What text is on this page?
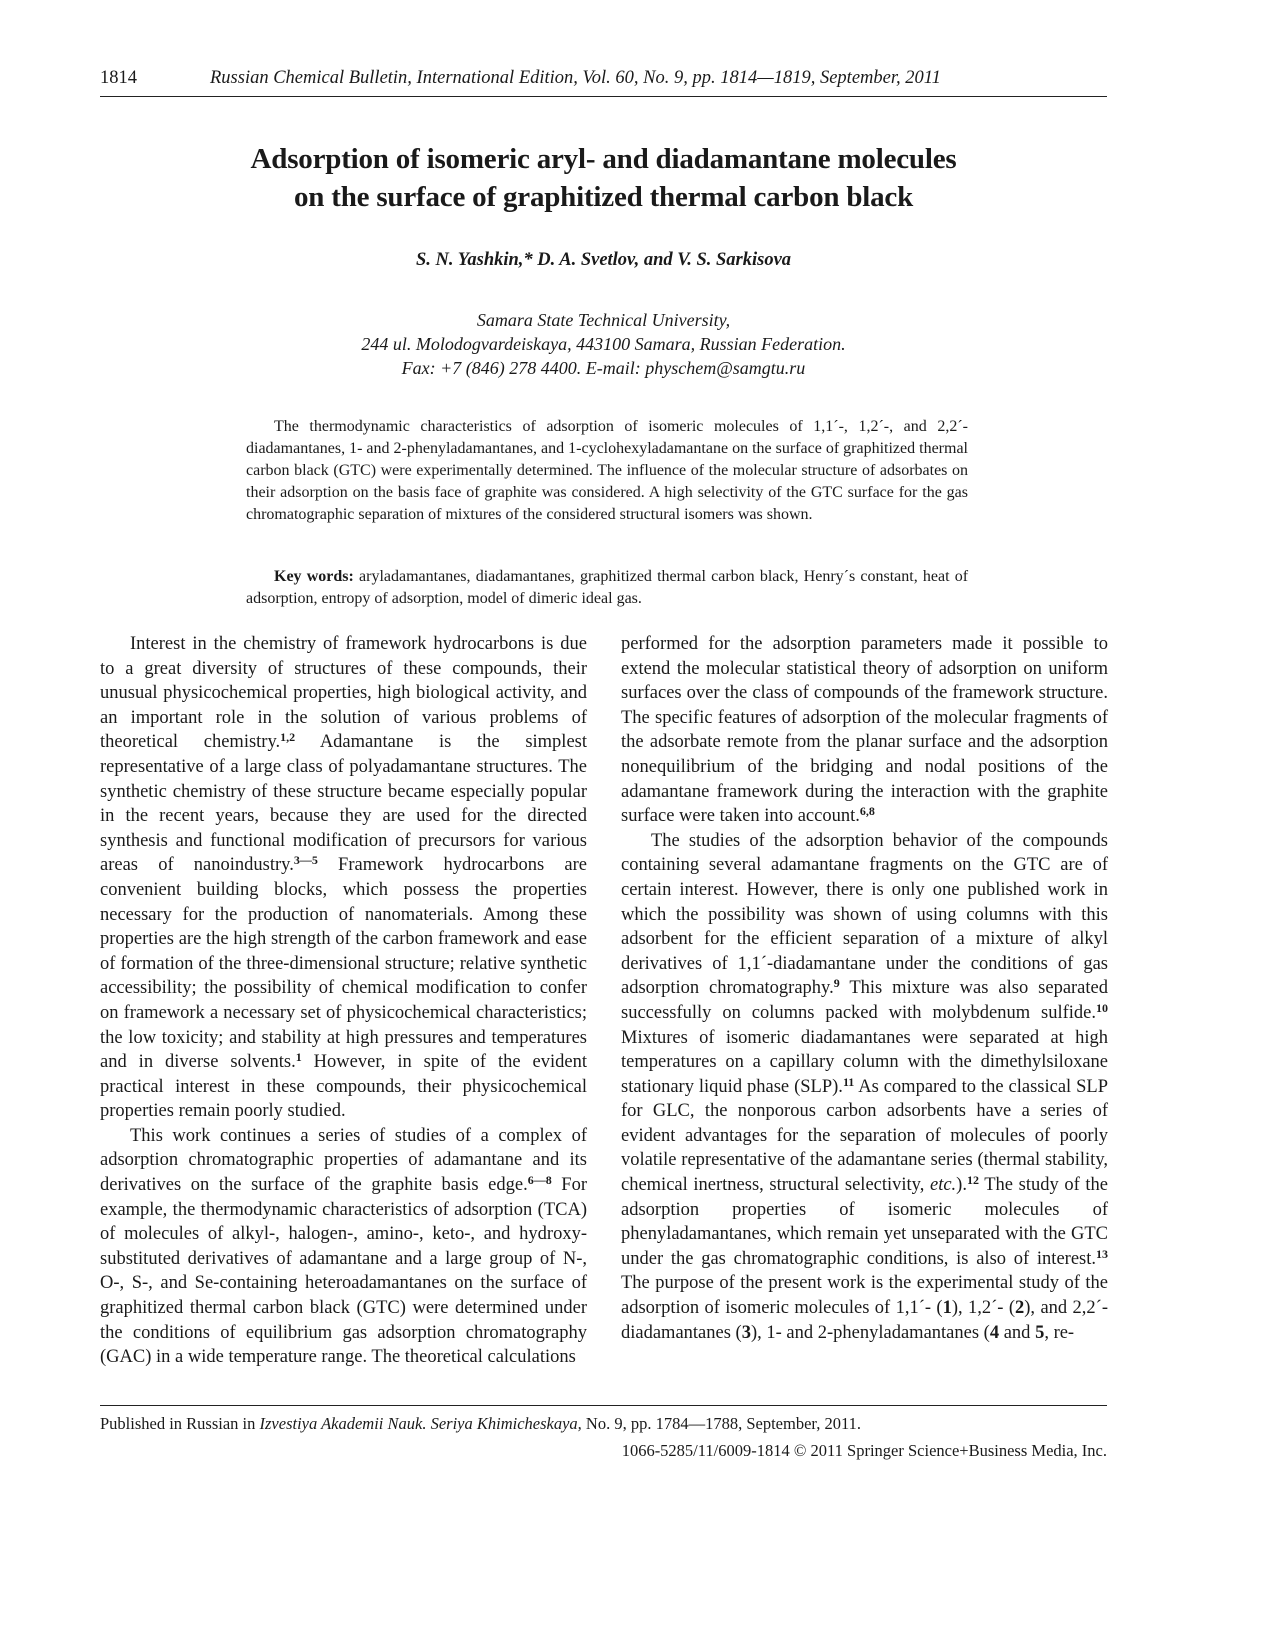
1814	Russian Chemical Bulletin, International Edition, Vol. 60, No. 9, pp. 1814—1819, September, 2011
Adsorption of isomeric aryl- and diadamantane molecules
on the surface of graphitized thermal carbon black
S. N. Yashkin,* D. A. Svetlov, and V. S. Sarkisova
Samara State Technical University,
244 ul. Molodogvardeiskaya, 443100 Samara, Russian Federation.
Fax: +7 (846) 278 4400. E-mail: physchem@samgtu.ru
The thermodynamic characteristics of adsorption of isomeric molecules of 1,1´-, 1,2´-, and 2,2´-diadamantanes, 1- and 2-phenyladamantanes, and 1-cyclohexyladamantane on the surface of graphitized thermal carbon black (GTC) were experimentally determined. The influence of the molecular structure of adsorbates on their adsorption on the basis face of graphite was considered. A high selectivity of the GTC surface for the gas chromatographic separation of mixtures of the considered structural isomers was shown.
Key words: aryladamantanes, diadamantanes, graphitized thermal carbon black, Henry´s constant, heat of adsorption, entropy of adsorption, model of dimeric ideal gas.

Interest in the chemistry of framework hydrocarbons is due to a great diversity of structures of these compounds, their unusual physicochemical properties, high biological activity, and an important role in the solution of various problems of theoretical chemistry.$^{1,2}$ Adamantane is the simplest representative of a large class of polyadamantane structures. The synthetic chemistry of these structure became especially popular in the recent years, because they are used for the directed synthesis and functional modification of precursors for various areas of nanoindustry.$^{3—5}$ Framework hydrocarbons are convenient building blocks, which possess the properties necessary for the production of nanomaterials. Among these properties are the high strength of the carbon framework and ease of formation of the three-dimensional structure; relative synthetic accessibility; the possibility of chemical modification to confer on framework a necessary set of physicochemical characteristics; the low toxicity; and stability at high pressures and temperatures and in diverse solvents.$^1$ However, in spite of the evident practical interest in these compounds, their physicochemical properties remain poorly studied.

This work continues a series of studies of a complex of adsorption chromatographic properties of adamantane and its derivatives on the surface of the graphite basis edge.$^{6—8}$ For example, the thermodynamic characteristics of adsorption (TCA) of molecules of alkyl-, halogen-, amino-, keto-, and hydroxy-substituted derivatives of adamantane and a large group of N-, O-, S-, and Se-containing heteroadamantanes on the surface of graphitized thermal carbon black (GTC) were determined under the conditions of equilibrium gas adsorption chromatography (GAC) in a wide temperature range. The theoretical calculations

performed for the adsorption parameters made it possible to extend the molecular statistical theory of adsorption on uniform surfaces over the class of compounds of the framework structure. The specific features of adsorption of the molecular fragments of the adsorbate remote from the planar surface and the adsorption nonequilibrium of the bridging and nodal positions of the adamantane framework during the interaction with the graphite surface were taken into account.$^{6,8}$

The studies of the adsorption behavior of the compounds containing several adamantane fragments on the GTC are of certain interest. However, there is only one published work in which the possibility was shown of using columns with this adsorbent for the efficient separation of a mixture of alkyl derivatives of 1,1´-diadamantane under the conditions of gas adsorption chromatography.$^9$ This mixture was also separated successfully on columns packed with molybdenum sulfide.$^{10}$ Mixtures of isomeric diadamantanes were separated at high temperatures on a capillary column with the dimethylsiloxane stationary liquid phase (SLP).$^{11}$ As compared to the classical SLP for GLC, the nonporous carbon adsorbents have a series of evident advantages for the separation of molecules of poorly volatile representative of the adamantane series (thermal stability, chemical inertness, structural selectivity, etc.).$^{12}$ The study of the adsorption properties of isomeric molecules of phenyladamantanes, which remain yet unseparated with the GTC under the gas chromatographic conditions, is also of interest.$^{13}$ The purpose of the present work is the experimental study of the adsorption of isomeric molecules of 1,1´- (1), 1,2´- (2), and 2,2´-diadamantanes (3), 1- and 2-phenyladamantanes (4 and 5, re-

Published in Russian in Izvestiya Akademii Nauk. Seriya Khimicheskaya, No. 9, pp. 1784—1788, September, 2011.
1066-5285/11/6009-1814 © 2011 Springer Science+Business Media, Inc.
